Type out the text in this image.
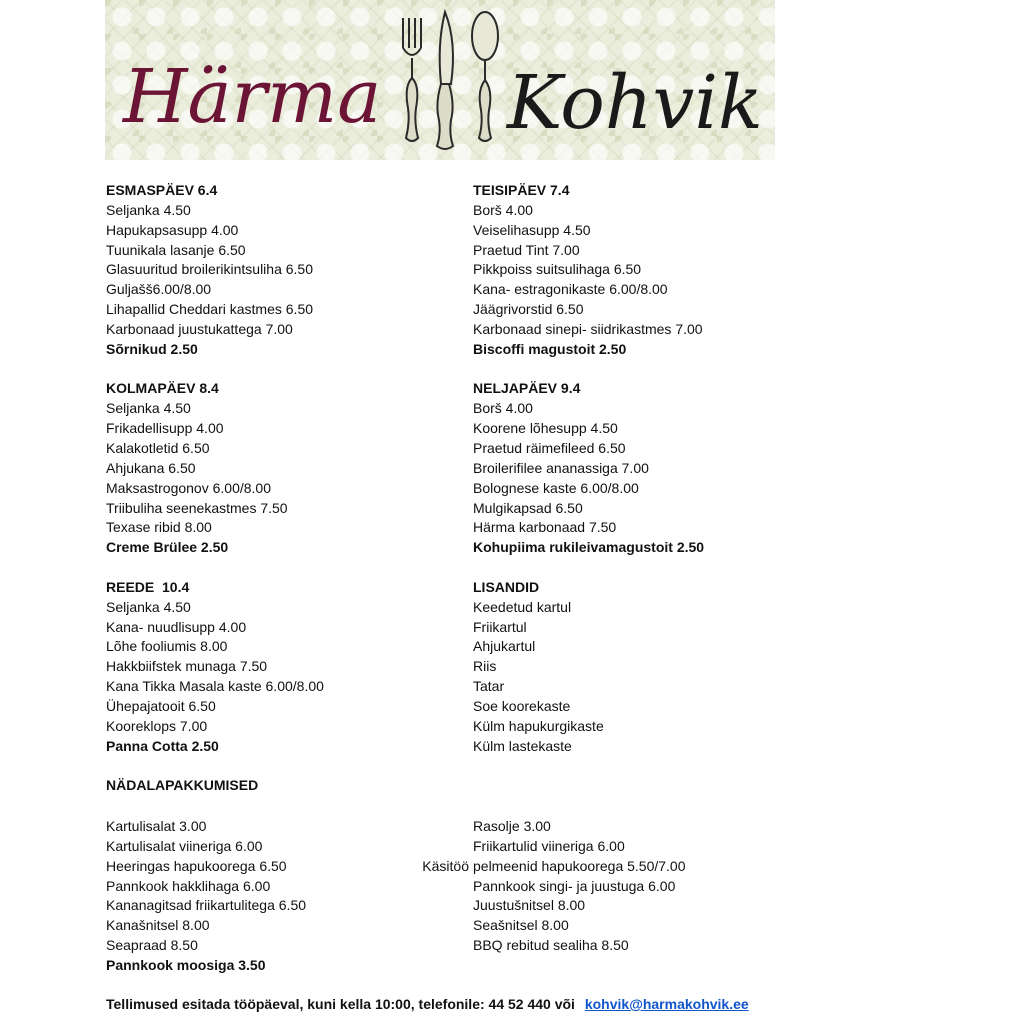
Härma Kohvik
ESMASPÄEV 6.4
Seljanka 4.50
Hapukapsasupp 4.00
Tuunikala lasanje 6.50
Glasuuritud broilerikintsuliha 6.50
Guljašš6.00/8.00
Lihapallid Cheddari kastmes 6.50
Karbonaad juustukattega 7.00
Sõrnikud 2.50
KOLMAPÄEV 8.4
Seljanka 4.50
Frikadellisupp 4.00
Kalakotletid 6.50
Ahjukana 6.50
Maksastrogonov 6.00/8.00
Triibuliha seenekastmes 7.50
Texase ribid 8.00
Creme Brülee 2.50
REEDE  10.4
Seljanka 4.50
Kana- nuudlisupp 4.00
Lõhe fooliumis 8.00
Hakkbiifstek munaga 7.50
Kana Tikka Masala kaste 6.00/8.00
Ühepajatooit 6.50
Kooreklops 7.00
Panna Cotta 2.50
TEISIPÄEV 7.4
Borš 4.00
Veiselihasupp 4.50
Praetud Tint 7.00
Pikkpoiss suitsulihaga 6.50
Kana- estragonikaste 6.00/8.00
Jäägrivorstid 6.50
Karbonaad sinepi- siidrikastmes 7.00
Biscoffi magustoit 2.50
NELJAPÄEV 9.4
Borš 4.00
Koorene lõhesupp 4.50
Praetud räimefileed 6.50
Broilerifilee ananassiga 7.00
Bolognese kaste 6.00/8.00
Mulgikapsad 6.50
Härma karbonaad 7.50
Kohupiima rukileivamagustoit 2.50
LISANDID
Keedetud kartul
Friikartul
Ahjukartul
Riis
Tatar
Soe koorekaste
Külm hapukurgikaste
Külm lastekaste
NÄDALAPAKKUMISED
Kartulisalat 3.00
Kartulisalat viineriga 6.00
Heeringas hapukoorega 6.50
Pannkook hakklihaga 6.00
Kananagitsad friikartulitega 6.50
Kanašnitsel 8.00
Seapraad 8.50
Pannkook moosiga 3.50
Rasolje 3.00
Friikartulid viineriga 6.00
Käsitöö pelmeenid hapukoorega 5.50/7.00
Pannkook singi- ja juustuga 6.00
Juustušnitsel 8.00
Seašnitsel 8.00
BBQ rebitud sealiha 8.50
Tellimused esitada tööpäeval, kuni kella 10:00, telefonile: 44 52 440 või kohvik@harmakohvik.ee
